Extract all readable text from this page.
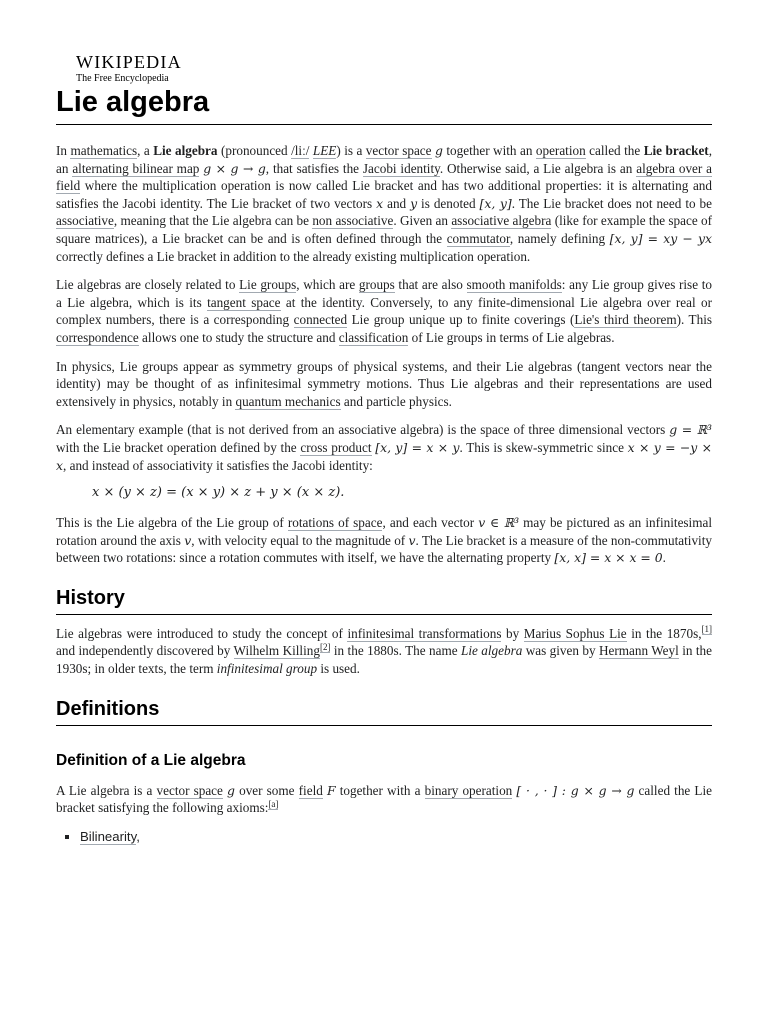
WIKIPEDIA
The Free Encyclopedia
Lie algebra

In mathematics, a Lie algebra (pronounced /liː/ LEE) is a vector space g together with an operation called the Lie bracket, an alternating bilinear map g × g → g, that satisfies the Jacobi identity. Otherwise said, a Lie algebra is an algebra over a field where the multiplication operation is now called Lie bracket and has two additional properties: it is alternating and satisfies the Jacobi identity. The Lie bracket of two vectors x and y is denoted [x, y]. The Lie bracket does not need to be associative, meaning that the Lie algebra can be non associative. Given an associative algebra (like for example the space of square matrices), a Lie bracket can be and is often defined through the commutator, namely defining [x, y] = xy − yx correctly defines a Lie bracket in addition to the already existing multiplication operation.

Lie algebras are closely related to Lie groups, which are groups that are also smooth manifolds: any Lie group gives rise to a Lie algebra, which is its tangent space at the identity. Conversely, to any finite-dimensional Lie algebra over real or complex numbers, there is a corresponding connected Lie group unique up to finite coverings (Lie's third theorem). This correspondence allows one to study the structure and classification of Lie groups in terms of Lie algebras.

In physics, Lie groups appear as symmetry groups of physical systems, and their Lie algebras (tangent vectors near the identity) may be thought of as infinitesimal symmetry motions. Thus Lie algebras and their representations are used extensively in physics, notably in quantum mechanics and particle physics.

An elementary example (that is not derived from an associative algebra) is the space of three dimensional vectors g = ℝ³ with the Lie bracket operation defined by the cross product [x, y] = x × y. This is skew-symmetric since x × y = −y × x, and instead of associativity it satisfies the Jacobi identity:

x × (y × z) = (x × y) × z + y × (x × z).

This is the Lie algebra of the Lie group of rotations of space, and each vector v ∈ ℝ³ may be pictured as an infinitesimal rotation around the axis v, with velocity equal to the magnitude of v. The Lie bracket is a measure of the non-commutativity between two rotations: since a rotation commutes with itself, we have the alternating property [x, x] = x × x = 0.

History

Lie algebras were introduced to study the concept of infinitesimal transformations by Marius Sophus Lie in the 1870s,[1] and independently discovered by Wilhelm Killing[2] in the 1880s. The name Lie algebra was given by Hermann Weyl in the 1930s; in older texts, the term infinitesimal group is used.

Definitions
Definition of a Lie algebra

A Lie algebra is a vector space g over some field F together with a binary operation [ · , · ] : g × g → g called the Lie bracket satisfying the following axioms:[a]

▪ Bilinearity,
